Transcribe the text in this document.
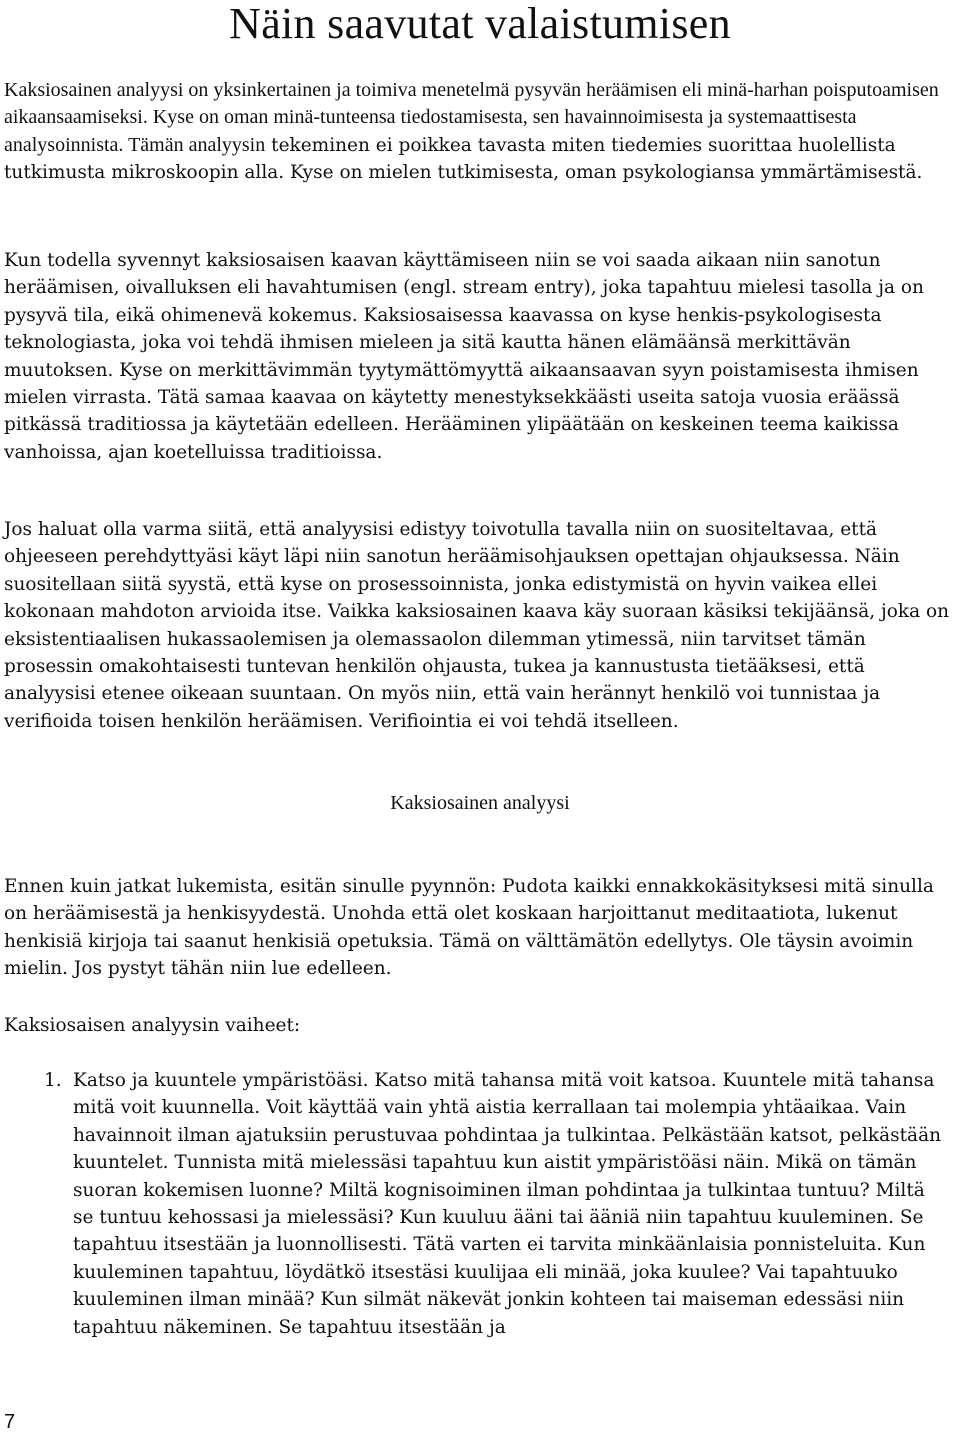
Näin saavutat valaistumisen

Kaksiosainen analyysi on yksinkertainen ja toimiva menetelmä pysyvän heräämisen eli minä-harhan poisputoamisen aikaansaamiseksi. Kyse on oman minä-tunteensa tiedostamisesta, sen havainnoimisesta ja systemaattisesta analysoinnista. Tämän analyysin tekeminen ei poikkea tavasta miten tiedemies suorittaa huolellista tutkimusta mikroskoopin alla. Kyse on mielen tutkimisesta, oman psykologiansa ymmärtämisestä.

Kun todella syvennyt kaksiosaisen kaavan käyttämiseen niin se voi saada aikaan niin sanotun heräämisen, oivalluksen eli havahtumisen (engl. stream entry), joka tapahtuu mielesi tasolla ja on pysyvä tila, eikä ohimenevä kokemus. Kaksiosaisessa kaavassa on kyse henkis-psykologisesta teknologiasta, joka voi tehdä ihmisen mieleen ja sitä kautta hänen elämäänsä merkittävän muutoksen. Kyse on merkittävimmän tyytymättömyyttä aikaansaavan syyn poistamisesta ihmisen mielen virrasta. Tätä samaa kaavaa on käytetty menestyksekkäästi useita satoja vuosia eräässä pitkässä traditiossa ja käytetään edelleen. Herääminen ylipäätään on keskeinen teema kaikissa vanhoissa, ajan koetelluissa traditioissa.

Jos haluat olla varma siitä, että analyysisi edistyy toivotulla tavalla niin on suositeltavaa, että ohjeeseen perehdyttyäsi käyt läpi niin sanotun heräämisohjauksen opettajan ohjauksessa. Näin suositellaan siitä syystä, että kyse on prosessoinnista, jonka edistymistä on hyvin vaikea ellei kokonaan mahdoton arvioida itse. Vaikka kaksiosainen kaava käy suoraan käsiksi tekijäänsä, joka on eksistentiaalisen hukassaolemisen ja olemassaolon dilemman ytimessä, niin tarvitset tämän prosessin omakohtaisesti tuntevan henkilön ohjausta, tukea ja kannustusta tietääksesi, että analyysisi etenee oikeaan suuntaan. On myös niin, että vain herännyt henkilö voi tunnistaa ja verifioida toisen henkilön heräämisen. Verifiointia ei voi tehdä itselleen.

Kaksiosainen analyysi

Ennen kuin jatkat lukemista, esitän sinulle pyynnön: Pudota kaikki ennakkokäsityksesi mitä sinulla on heräämisestä ja henkisyydestä. Unohda että olet koskaan harjoittanut meditaatiota, lukenut henkisiä kirjoja tai saanut henkisiä opetuksia. Tämä on välttämätön edellytys. Ole täysin avoimin mielin. Jos pystyt tähän niin lue edelleen.

Kaksiosaisen analyysin vaiheet:

1. Katso ja kuuntele ympäristöäsi. Katso mitä tahansa mitä voit katsoa. Kuuntele mitä tahansa mitä voit kuunnella. Voit käyttää vain yhtä aistia kerrallaan tai molempia yhtäaikaa. Vain havainnoit ilman ajatuksiin perustuvaa pohdintaa ja tulkintaa. Pelkästään katsot, pelkästään kuuntelet. Tunnista mitä mielessäsi tapahtuu kun aistit ympäristöäsi näin. Mikä on tämän suoran kokemisen luonne? Miltä kognisoiminen ilman pohdintaa ja tulkintaa tuntuu? Miltä se tuntuu kehossasi ja mielessäsi? Kun kuuluu ääni tai ääniä niin tapahtuu kuuleminen. Se tapahtuu itsestään ja luonnollisesti. Tätä varten ei tarvita minkäänlaisia ponnisteluita. Kun kuuleminen tapahtuu, löydätkö itsestäsi kuulijaa eli minää, joka kuulee? Vai tapahtuuko kuuleminen ilman minää? Kun silmät näkevät jonkin kohteen tai maiseman edessäsi niin tapahtuu näkeminen. Se tapahtuu itsestään ja
7
